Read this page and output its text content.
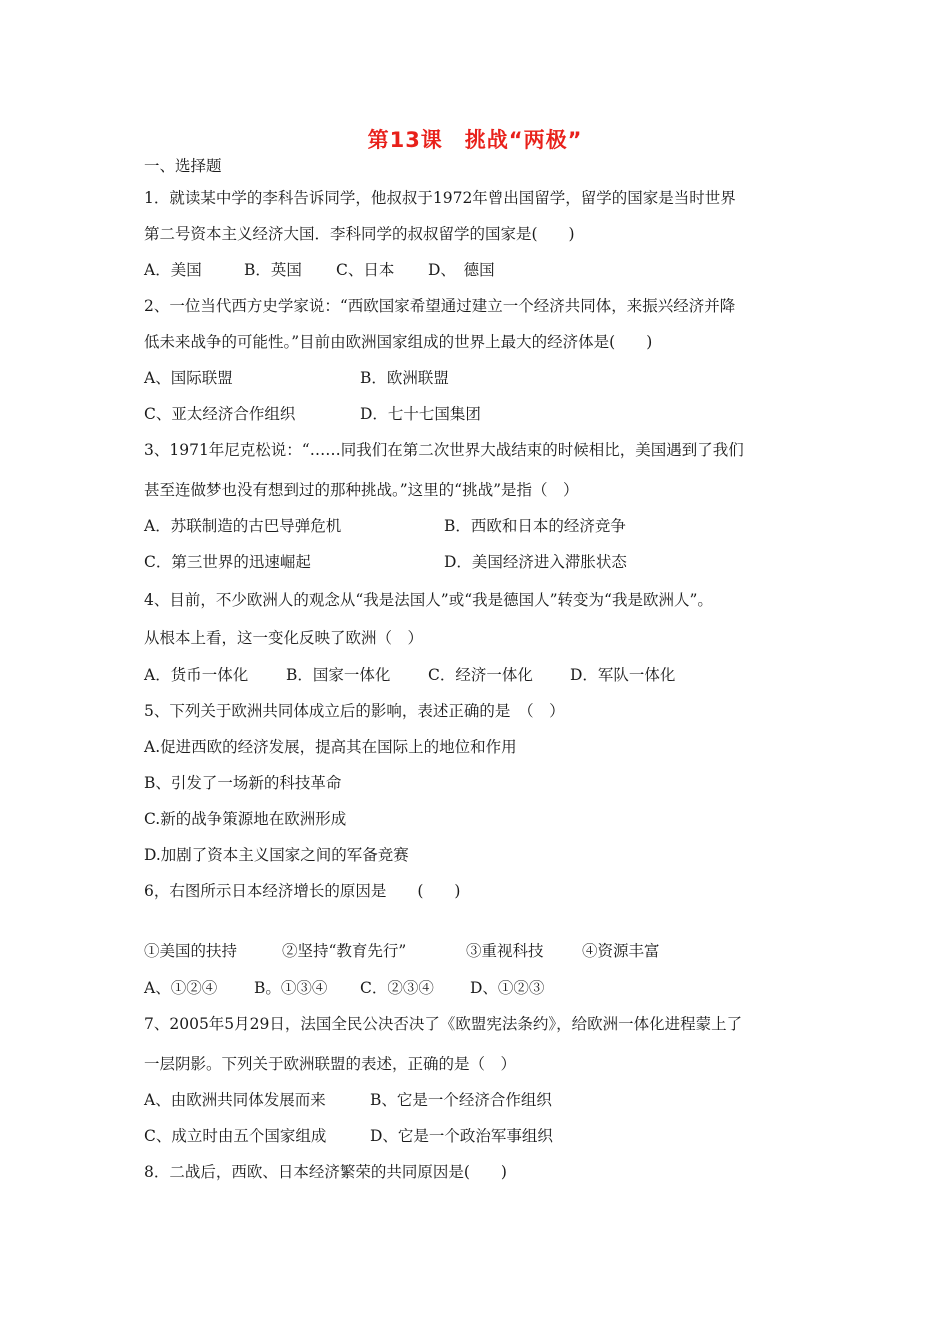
第13课　挑战“两极”
一、选择题
1．就读某中学的李科告诉同学，他叔叔于1972年曾出国留学，留学的国家是当时世界
第二号资本主义经济大国．李科同学的叔叔留学的国家是(　　)
A．美国	B．英国 C、日本 D、　德国
2、一位当代西方史学家说：“西欧国家希望通过建立一个经济共同体，来振兴经济并降
低未来战争的可能性。”目前由欧洲国家组成的世界上最大的经济体是(　　)
A、国际联盟	B．欧洲联盟
C、亚太经济合作组织	D．七十七国集团
3、1971年尼克松说：“……同我们在第二次世界大战结束的时候相比，美国遇到了我们
甚至连做梦也没有想到过的那种挑战。”这里的“挑战”是指（　）
A．苏联制造的古巴导弹危机	B．西欧和日本的经济竞争
C．第三世界的迅速崛起	D．美国经济进入滞胀状态
4、目前，不少欧洲人的观念从“我是法国人”或“我是德国人”转变为“我是欧洲人”。
从根本上看，这一变化反映了欧洲（　）
A．货币一体化 B．国家一体化 C．经济一体化 D．军队一体化
5、下列关于欧洲共同体成立后的影响，表述正确的是　（　）
A.促进西欧的经济发展，提高其在国际上的地位和作用
B、引发了一场新的科技革命
C.新的战争策源地在欧洲形成
D.加剧了资本主义国家之间的军备竞赛
6，右图所示日本经济增长的原因是　　(　　)
①美国的扶持	②坚持“教育先行”	③重视科技 ④资源丰富
A、①②④ B。①③④ C．②③④ D、①②③
7、2005年5月29日，法国全民公决否决了《欧盟宪法条约》，给欧洲一体化进程蒙上了
一层阴影。下列关于欧洲联盟的表述，正确的是（　）
A、由欧洲共同体发展而来	B、它是一个经济合作组织
C、成立时由五个国家组成	D、它是一个政治军事组织
8．二战后，西欧、日本经济繁荣的共同原因是(　　)
